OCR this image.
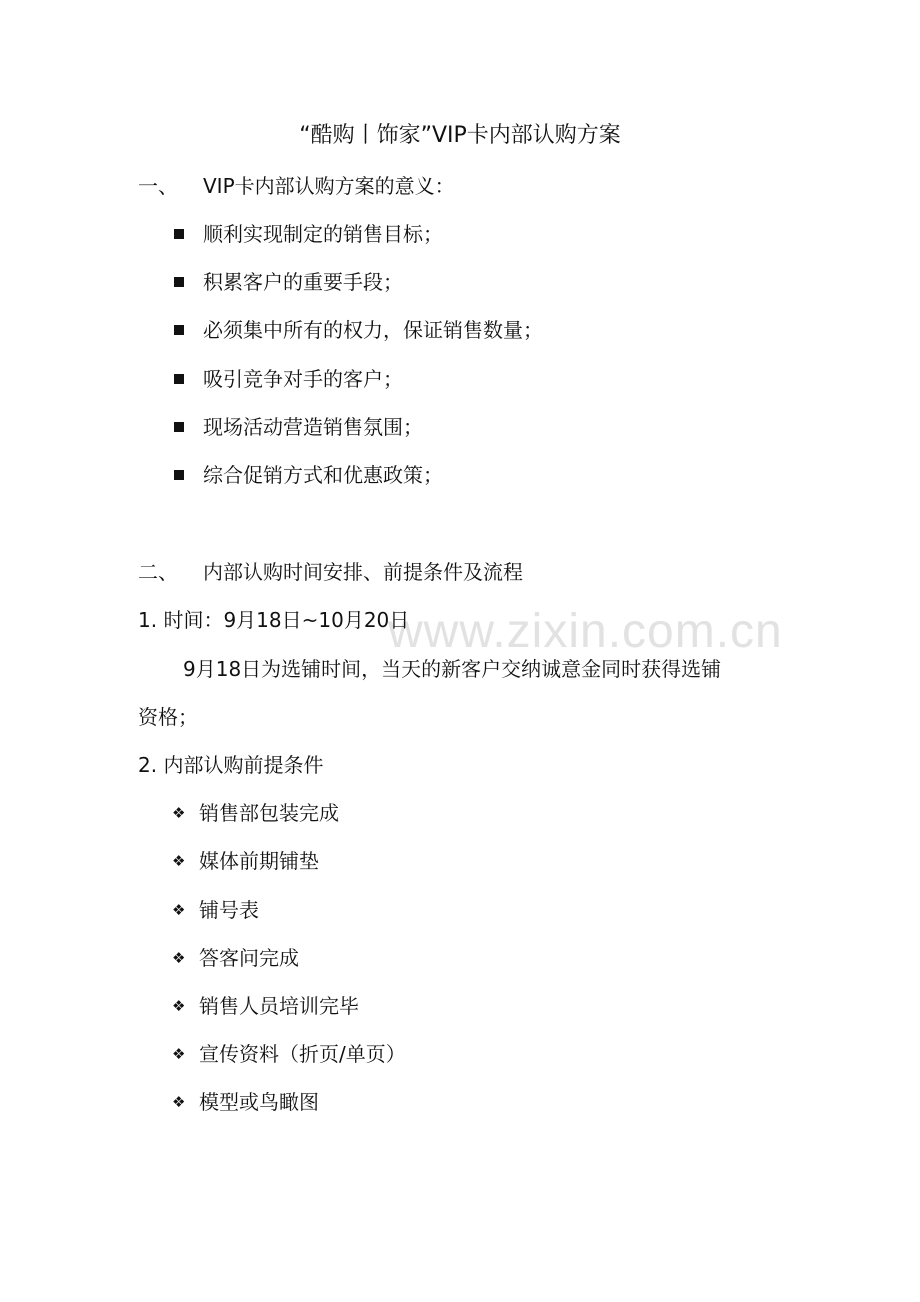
www.zixin.com.cn
“酷购丨饰家”VIP卡内部认购方案
一、 VIP卡内部认购方案的意义：
顺利实现制定的销售目标；
积累客户的重要手段；
必须集中所有的权力，保证销售数量；
吸引竞争对手的客户；
现场活动营造销售氛围；
综合促销方式和优惠政策；
二、 内部认购时间安排、前提条件及流程
1. 时间：9月18日~10月20日
9月18日为选铺时间，当天的新客户交纳诚意金同时获得选铺
资格；
2. 内部认购前提条件
❖ 销售部包装完成
❖ 媒体前期铺垫
❖ 铺号表
❖ 答客问完成
❖ 销售人员培训完毕
❖ 宣传资料（折页/单页）
❖ 模型或鸟瞰图
